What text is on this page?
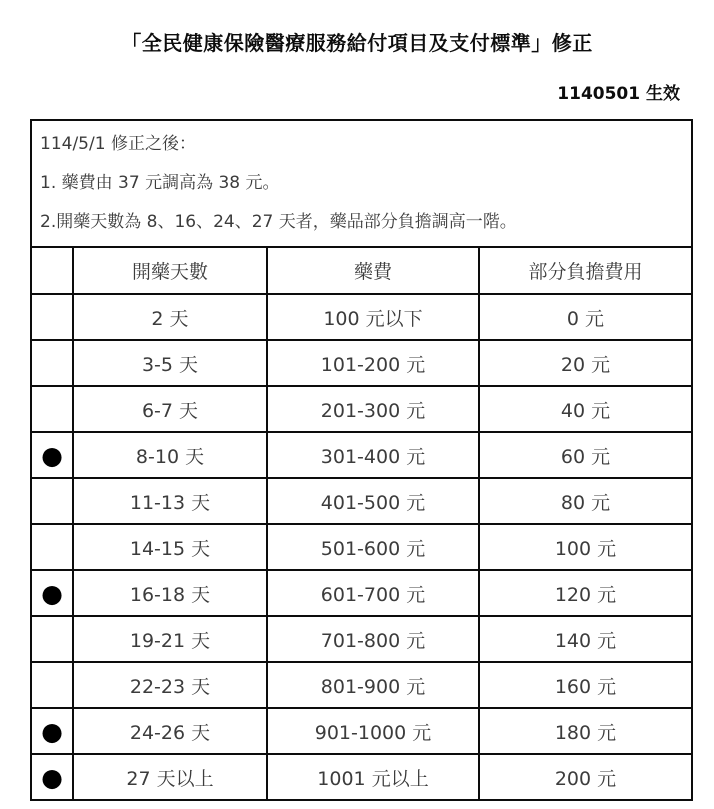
「全民健康保險醫療服務給付項目及支付標準」修正
1140501 生效
114/5/1 修正之後：
1. 藥費由 37 元調高為 38 元。
2.開藥天數為 8、16、24、27 天者，藥品部分負擔調高一階。			

	開藥天數	藥費	部分負擔費用
	2 天	100 元以下	0 元
	3-5 天	101-200 元	20 元
	6-7 天	201-300 元	40 元
●	8-10 天	301-400 元	60 元
	11-13 天	401-500 元	80 元
	14-15 天	501-600 元	100 元
●	16-18 天	601-700 元	120 元
	19-21 天	701-800 元	140 元
	22-23 天	801-900 元	160 元
●	24-26 天	901-1000 元	180 元
●	27 天以上	1001 元以上	200 元
